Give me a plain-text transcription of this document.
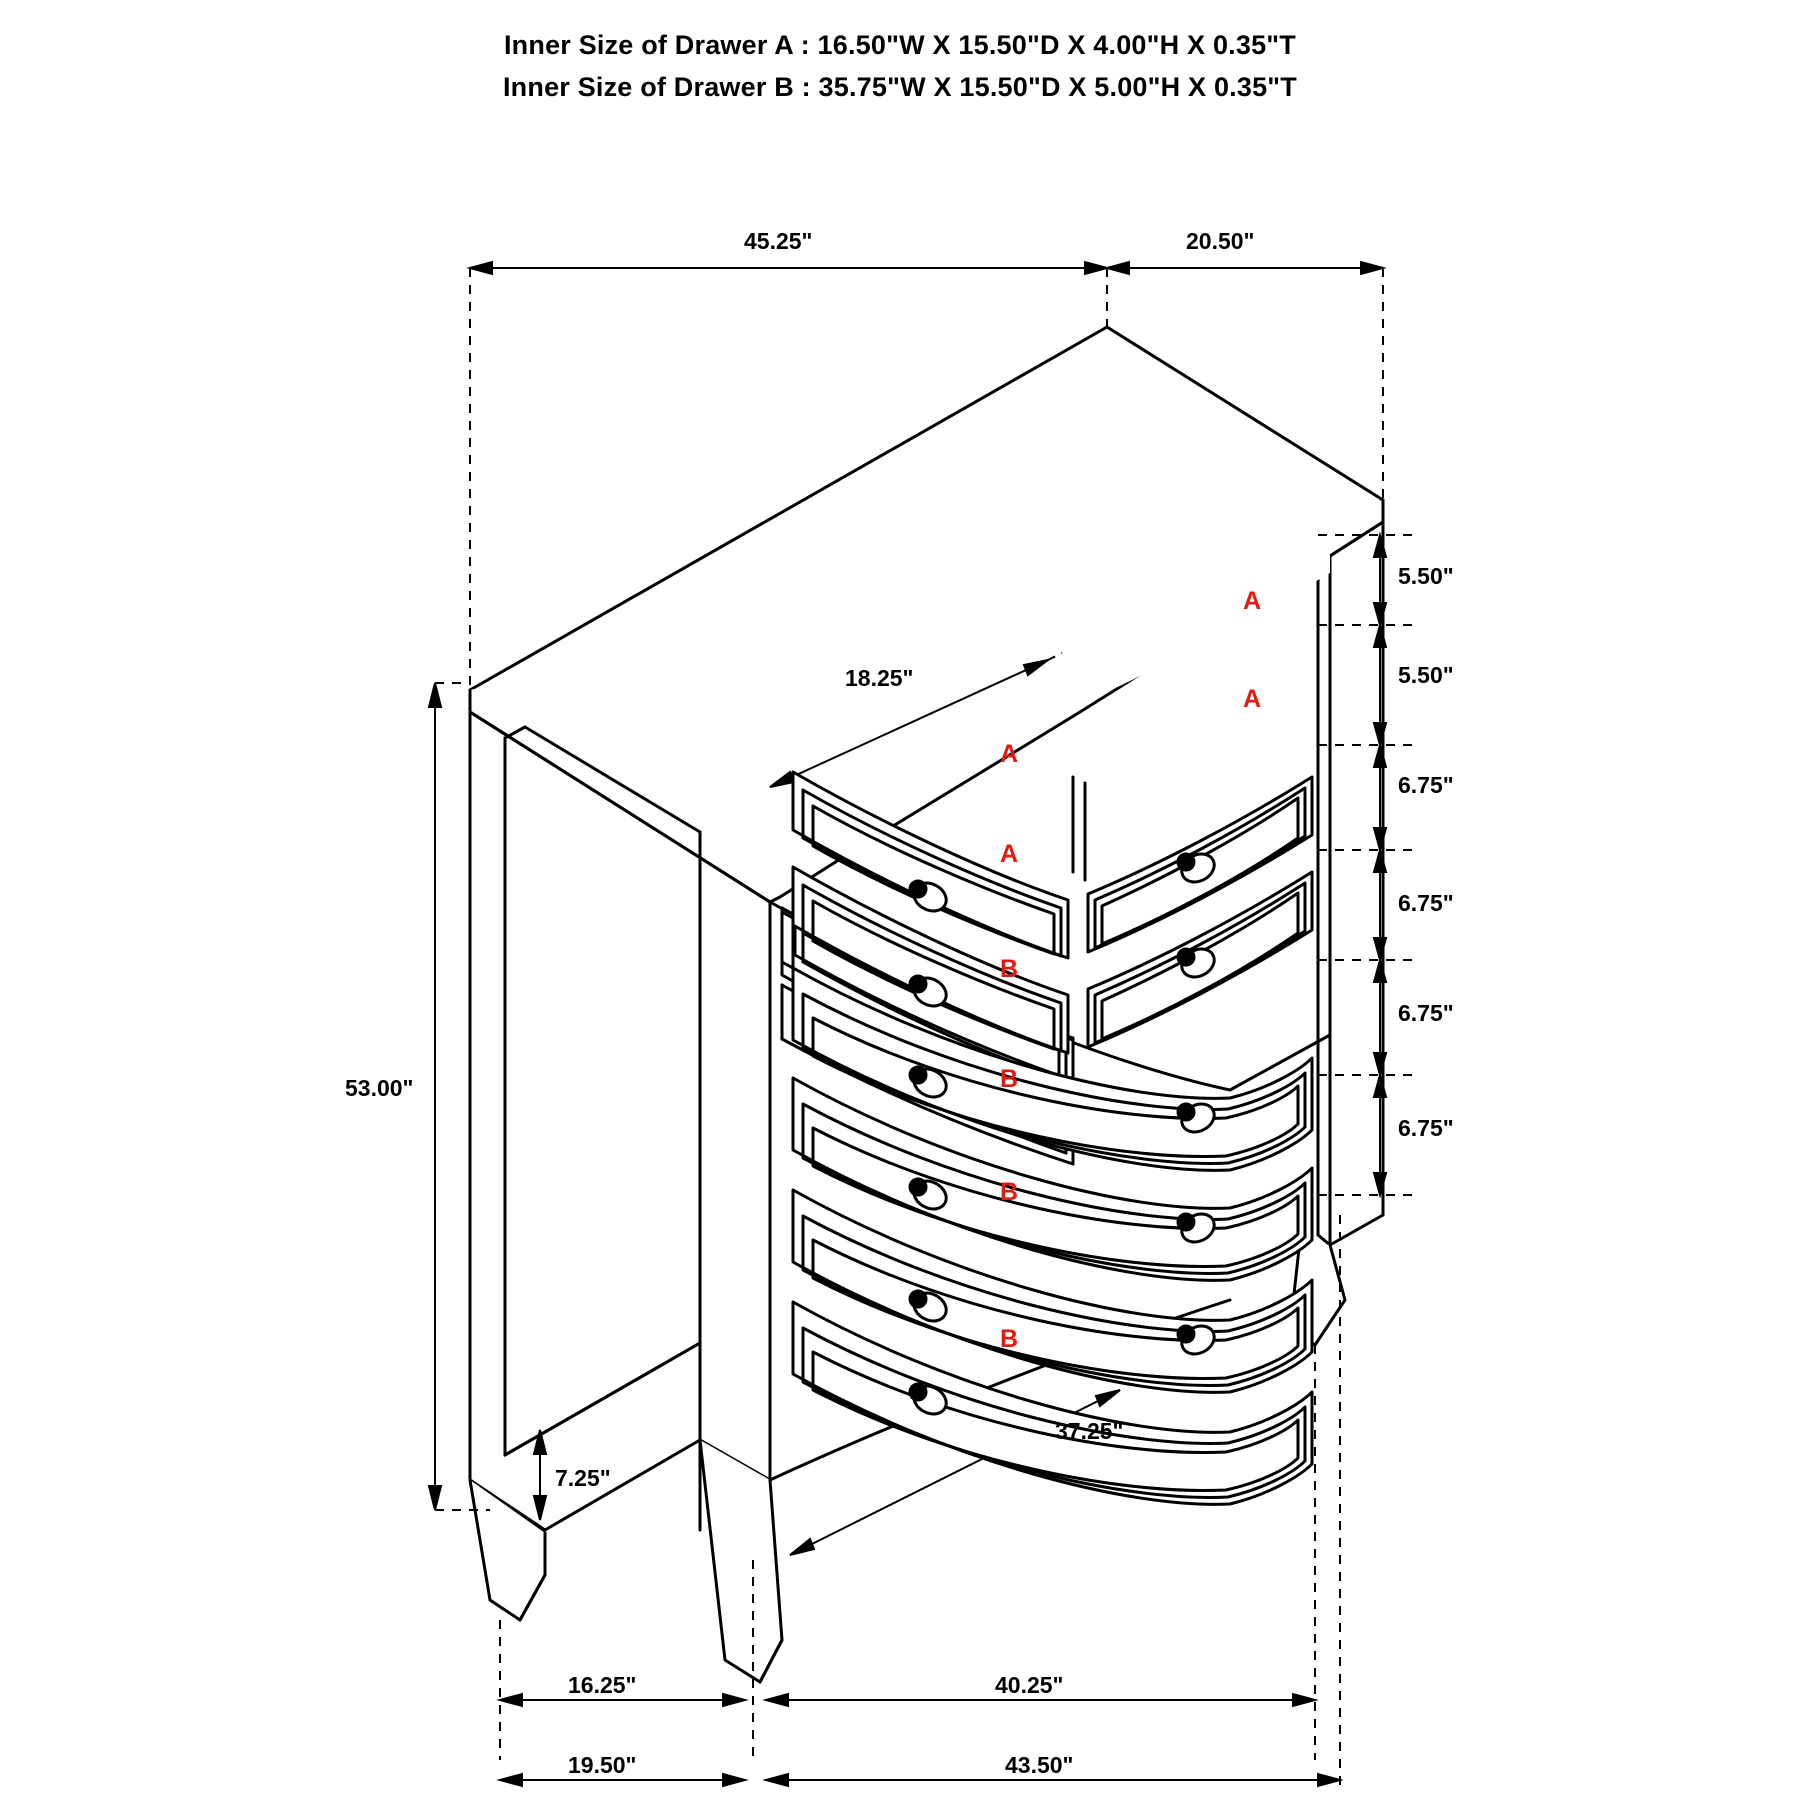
Inner Size of Drawer A : 16.50"W X 15.50"D X 4.00"H X 0.35"T
Inner Size of Drawer B : 35.75"W X 15.50"D X 5.00"H X 0.35"T
45.25"	20.50"
18.25"
5.50"
5.50"
6.75"
6.75"
6.75"
6.75"
53.00"
7.25"
37.25"
16.25"	40.25"
19.50"	43.50"
A
A
A
A
B
B
B
B
